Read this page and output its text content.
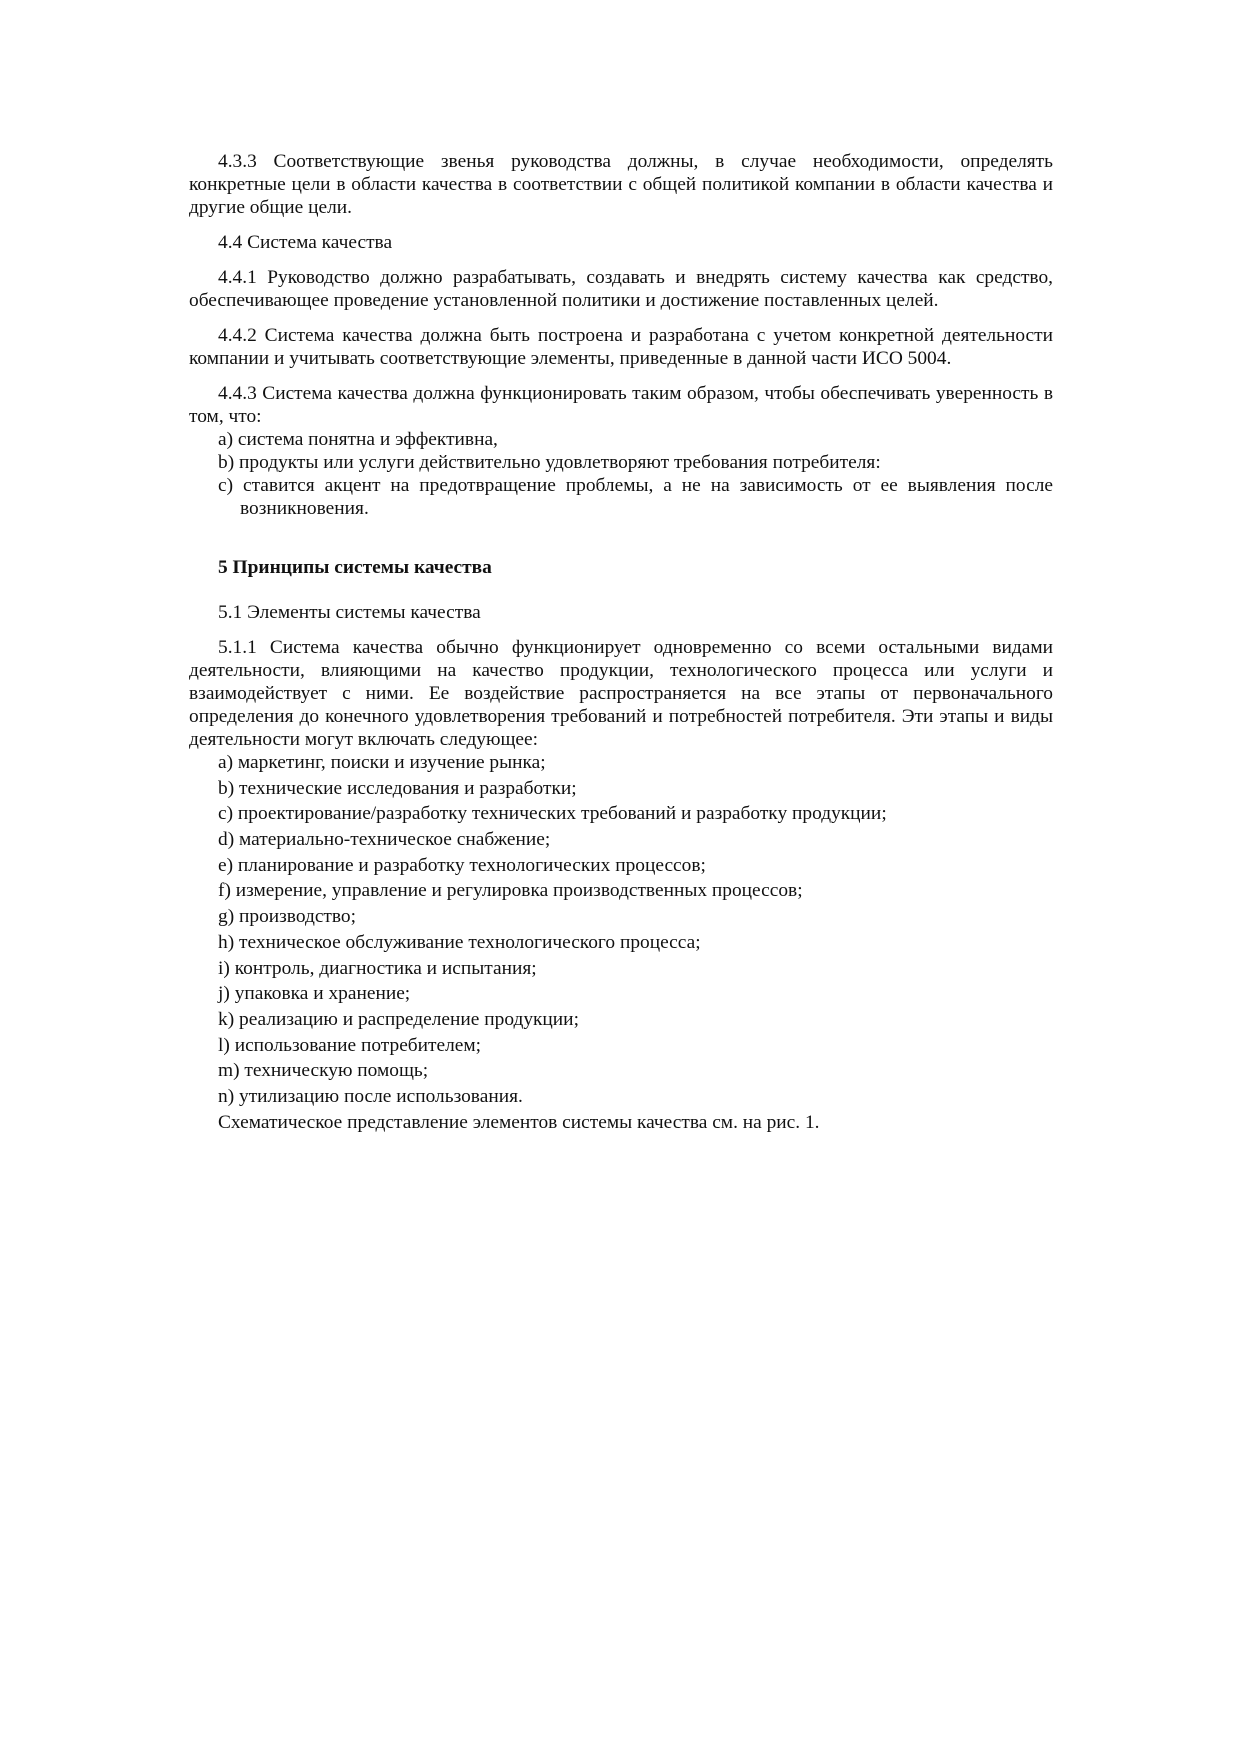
4.3.3 Соответствующие звенья руководства должны, в случае необходимости, определять конкретные цели в области качества в соответствии с общей политикой компании в области качества и другие общие цели.

4.4 Система качества

4.4.1 Руководство должно разрабатывать, создавать и внедрять систему качества как средство, обеспечивающее проведение установленной политики и достижение поставленных целей.

4.4.2 Система качества должна быть построена и разработана с учетом конкретной деятельности компании и учитывать соответствующие элементы, приведенные в данной части ИСО 5004.

4.4.3 Система качества должна функционировать таким образом, чтобы обеспечивать уверенность в том, что:

a) система понятна и эффективна,

b) продукты или услуги действительно удовлетворяют требования потребителя:

c) ставится акцент на предотвращение проблемы, а не на зависимость от ее выявления после возникновения.

5 Принципы системы качества

5.1 Элементы системы качества

5.1.1 Система качества обычно функционирует одновременно со всеми остальными видами деятельности, влияющими на качество продукции, технологического процесса или услуги и взаимодействует с ними. Ее воздействие распространяется на все этапы от первоначального определения до конечного удовлетворения требований и потребностей потребителя. Эти этапы и виды деятельности могут включать следующее:

a) маркетинг, поиски и изучение рынка;

b) технические исследования и разработки;

c) проектирование/разработку технических требований и разработку продукции;

d) материально-техническое снабжение;

e) планирование и разработку технологических процессов;

f) измерение, управление и регулировка производственных процессов;

g) производство;

h) техническое обслуживание технологического процесса;

i) контроль, диагностика и испытания;

j) упаковка и хранение;

k) реализацию и распределение продукции;

l) использование потребителем;

m) техническую помощь;

n) утилизацию после использования.

Схематическое представление элементов системы качества см. на рис. 1.
